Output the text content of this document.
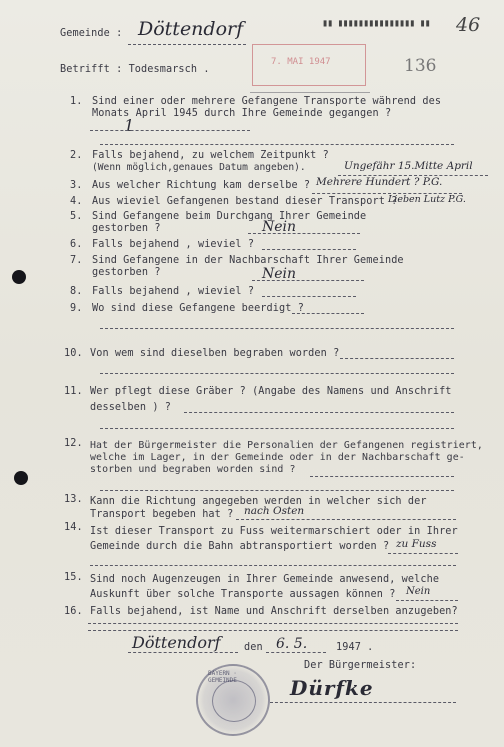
Gemeinde : Döttendorf	▮▮ ▮▮▮▮▮▮▮▮▮▮▮▮▮▮▮ ▮▮ 46
7. MAI 1947	136
Betrifft : Todesmarsch .
1. Sind einer oder mehrere Gefangene Transporte während des
Monats April 1945 durch Ihre Gemeinde gegangen ?
1
2. Falls bejahend, zu welchem Zeitpunkt ?
(Wenn möglich,genaues Datum angeben).	Ungefähr 15.Mitte April
3. Aus welcher Richtung kam derselbe ? Mehrere Hundert ? P.G.
4. Aus wieviel Gefangenen bestand dieser Transport ?
Lieben Lutz P.G.
5. Sind Gefangene beim Durchgang Ihrer Gemeinde
gestorben ?	Nein
6. Falls bejahend , wieviel ?
7. Sind Gefangene in der Nachbarschaft Ihrer Gemeinde
gestorben ?	Nein
8. Falls bejahend , wieviel ?
9. Wo sind diese Gefangene beerdigt ?
10. Von wem sind dieselben begraben worden ?
11. Wer pflegt diese Gräber ? (Angabe des Namens und Anschrift
desselben ) ?
12. Hat der Bürgermeister die Personalien der Gefangenen registriert,
welche im Lager, in der Gemeinde oder in der Nachbarschaft ge-
storben und begraben worden sind ?
13. Kann die Richtung angegeben werden in welcher sich der
Transport begeben hat ? nach Osten
14. Ist dieser Transport zu Fuss weitermarschiert oder in Ihrer
Gemeinde durch die Bahn abtransportiert worden ? zu Fuss
15. Sind noch Augenzeugen in Ihrer Gemeinde anwesend, welche
Auskunft über solche Transporte aussagen können ? Nein
16. Falls bejahend, ist Name und Anschrift derselben anzugeben?
Döttendorf den 6. 5.	1947 .
Der Bürgermeister:
Dürfke
BAYERN · GEMEINDE
